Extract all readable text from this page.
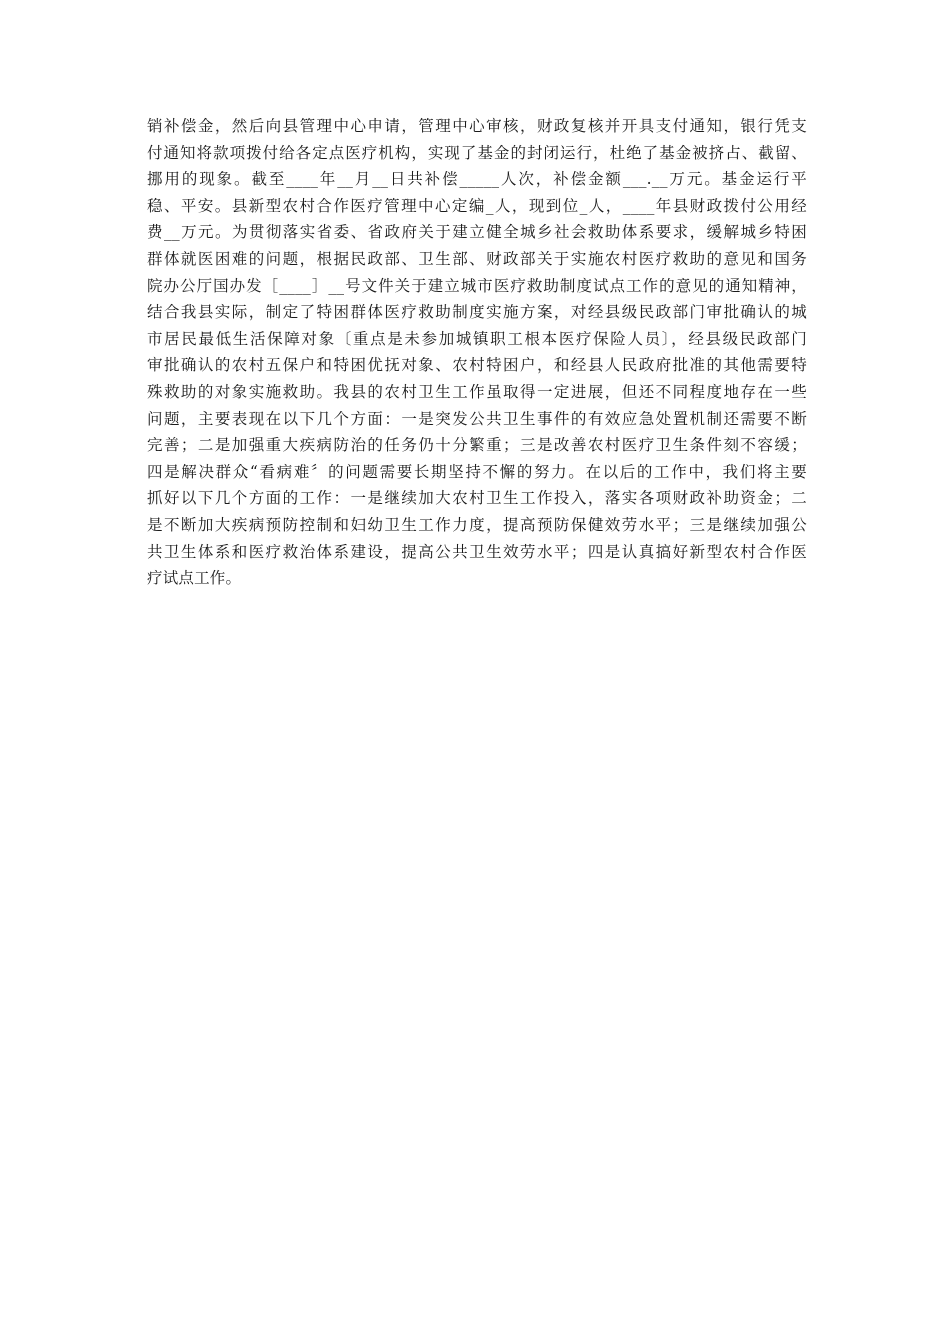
销补偿金，然后向县管理中心申请，管理中心审核，财政复核并开具支付通知，银行凭支
付通知将款项拨付给各定点医疗机构，实现了基金的封闭运行，杜绝了基金被挤占、截留、
挪用的现象。截至____年__月__日共补偿_____人次，补偿金额___.__万元。基金运行平
稳、平安。县新型农村合作医疗管理中心定编_人，现到位_人，____年县财政拨付公用经
费__万元。为贯彻落实省委、省政府关于建立健全城乡社会救助体系要求，缓解城乡特困
群体就医困难的问题，根据民政部、卫生部、财政部关于实施农村医疗救助的意见和国务
院办公厅国办发［____］__号文件关于建立城市医疗救助制度试点工作的意见的通知精神，
结合我县实际，制定了特困群体医疗救助制度实施方案，对经县级民政部门审批确认的城
市居民最低生活保障对象〔重点是未参加城镇职工根本医疗保险人员〕，经县级民政部门
审批确认的农村五保户和特困优抚对象、农村特困户，和经县人民政府批准的其他需要特
殊救助的对象实施救助。我县的农村卫生工作虽取得一定进展，但还不同程度地存在一些
问题，主要表现在以下几个方面：一是突发公共卫生事件的有效应急处置机制还需要不断
完善；二是加强重大疾病防治的任务仍十分繁重；三是改善农村医疗卫生条件刻不容缓；
四是解决群众“看病难〞的问题需要长期坚持不懈的努力。在以后的工作中，我们将主要
抓好以下几个方面的工作：一是继续加大农村卫生工作投入，落实各项财政补助资金；二
是不断加大疾病预防控制和妇幼卫生工作力度，提高预防保健效劳水平；三是继续加强公
共卫生体系和医疗救治体系建设，提高公共卫生效劳水平；四是认真搞好新型农村合作医
疗试点工作。
